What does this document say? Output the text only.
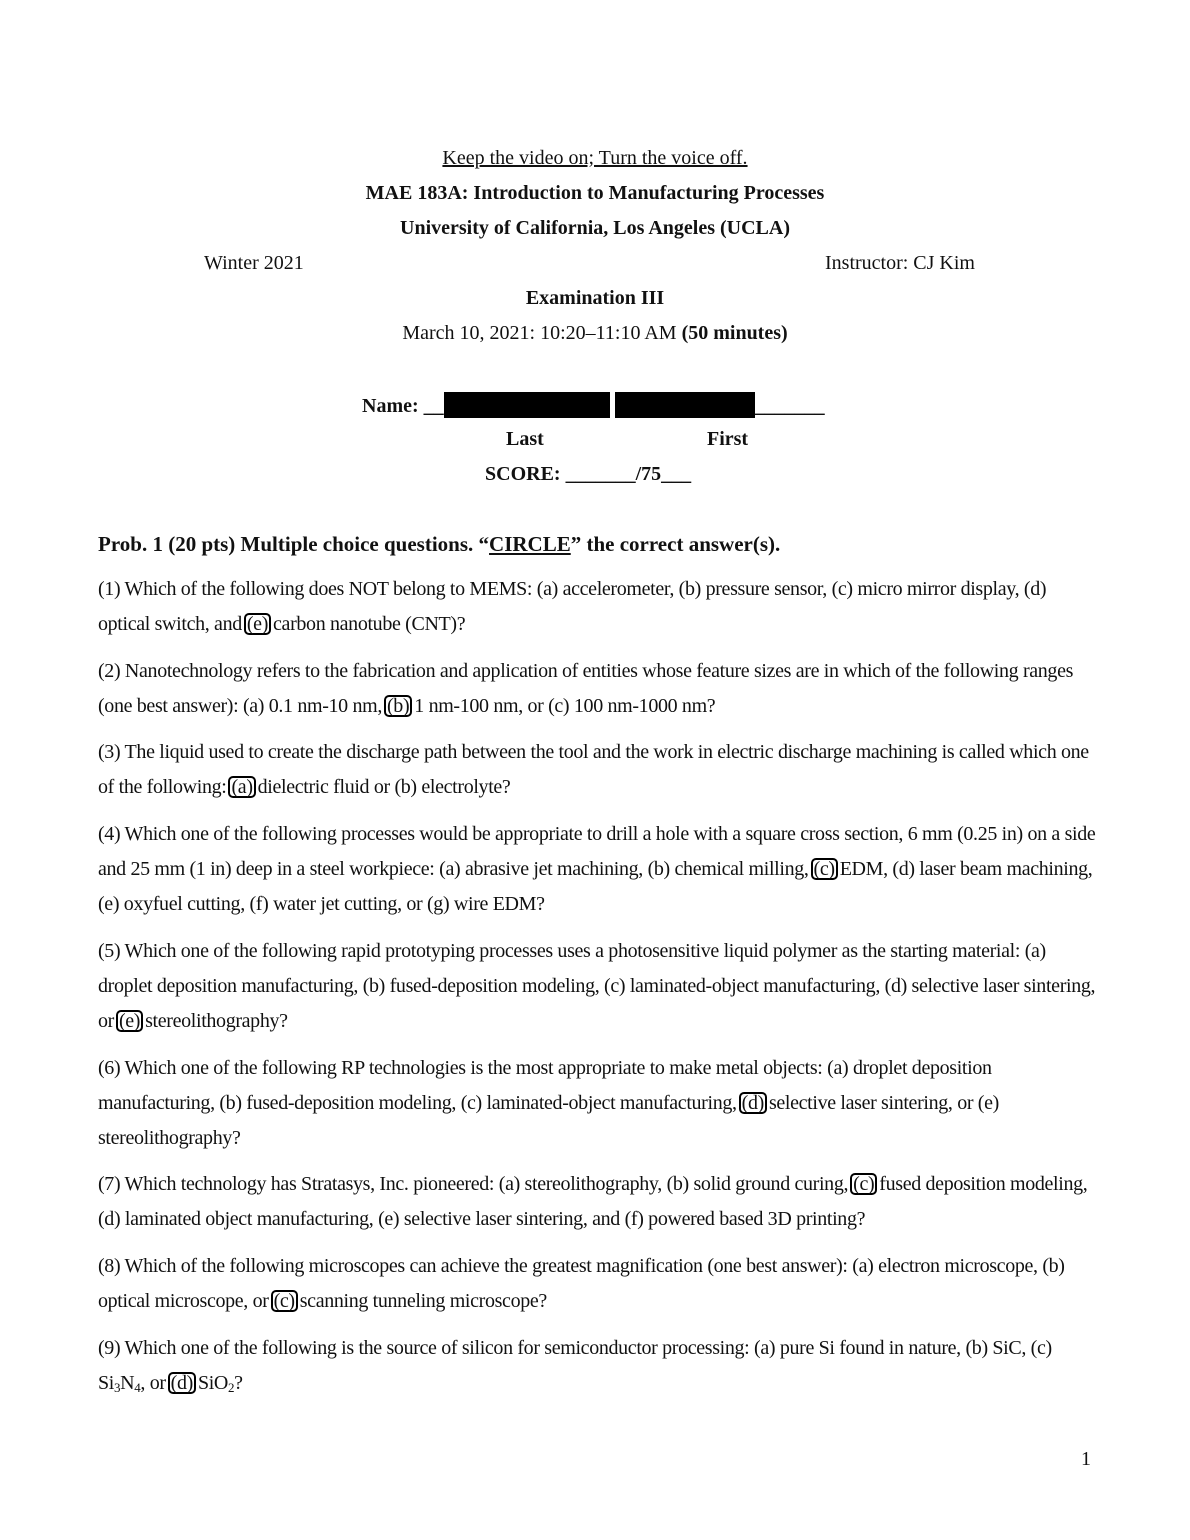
Keep the video on; Turn the voice off.
MAE 183A: Introduction to Manufacturing Processes
University of California, Los Angeles (UCLA)
Winter 2021	Instructor: CJ Kim
Examination III
March 10, 2021: 10:20–11:10 AM (50 minutes)
Name: __	_______
Last	First
SCORE: _______/75___
Prob. 1 (20 pts) Multiple choice questions. “CIRCLE” the correct answer(s).
(1) Which of the following does NOT belong to MEMS: (a) accelerometer, (b) pressure sensor, (c) micro mirror display, (d) optical switch, and (e) carbon nanotube (CNT)?
(2) Nanotechnology refers to the fabrication and application of entities whose feature sizes are in which of the following ranges (one best answer): (a) 0.1 nm-10 nm, (b) 1 nm-100 nm, or (c) 100 nm-1000 nm?
(3) The liquid used to create the discharge path between the tool and the work in electric discharge machining is called which one of the following: (a) dielectric fluid or (b) electrolyte?
(4) Which one of the following processes would be appropriate to drill a hole with a square cross section, 6 mm (0.25 in) on a side and 25 mm (1 in) deep in a steel workpiece: (a) abrasive jet machining, (b) chemical milling, (c) EDM, (d) laser beam machining, (e) oxyfuel cutting, (f) water jet cutting, or (g) wire EDM?
(5) Which one of the following rapid prototyping processes uses a photosensitive liquid polymer as the starting material: (a) droplet deposition manufacturing, (b) fused-deposition modeling, (c) laminated-object manufacturing, (d) selective laser sintering, or (e) stereolithography?
(6) Which one of the following RP technologies is the most appropriate to make metal objects: (a) droplet deposition manufacturing, (b) fused-deposition modeling, (c) laminated-object manufacturing, (d) selective laser sintering, or (e) stereolithography?
(7) Which technology has Stratasys, Inc. pioneered: (a) stereolithography, (b) solid ground curing, (c) fused deposition modeling, (d) laminated object manufacturing, (e) selective laser sintering, and (f) powered based 3D printing?
(8) Which of the following microscopes can achieve the greatest magnification (one best answer): (a) electron microscope, (b) optical microscope, or (c) scanning tunneling microscope?
(9) Which one of the following is the source of silicon for semiconductor processing: (a) pure Si found in nature, (b) SiC, (c) $Si_3N_4$, or (d) SiO$_2$?
1
